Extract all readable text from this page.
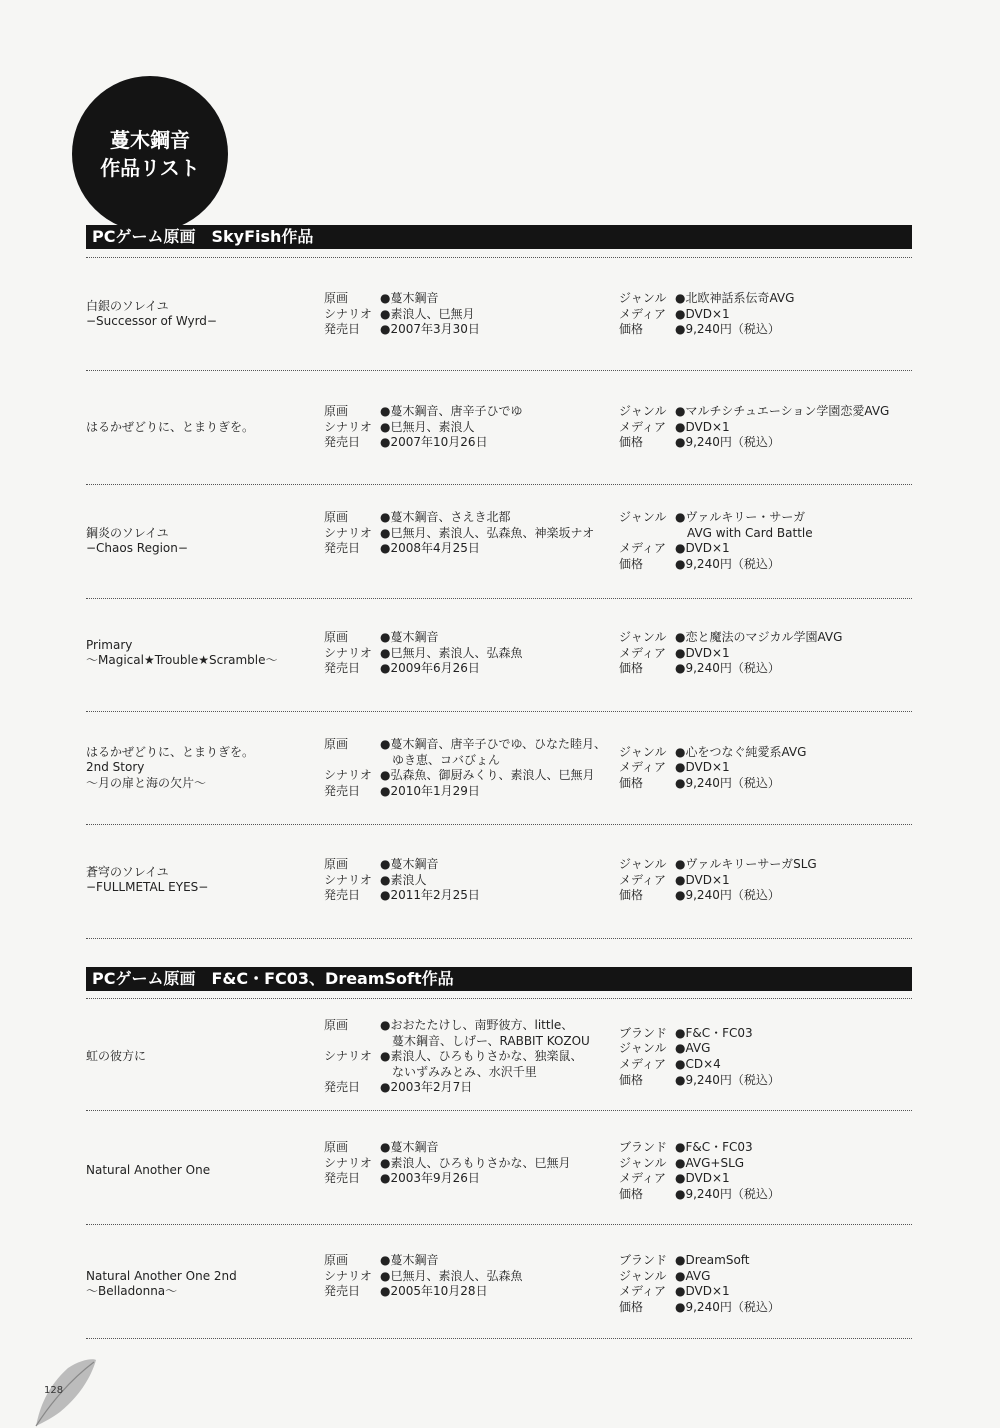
蔓木鋼音
作品リスト
PCゲーム原画　SkyFish作品
白銀のソレイユ
−Successor of Wyrd−
原画	● 蔓木鋼音
シナリオ	● 素浪人、巳無月
発売日	● 2007年3月30日
ジャンル	● 北欧神話系伝奇AVG
メディア	● DVD×1
価格	● 9,240円（税込）
はるかぜどりに、とまりぎを。
原画	● 蔓木鋼音、唐辛子ひでゆ
シナリオ	● 巳無月、素浪人
発売日	● 2007年10月26日
ジャンル	● マルチシチュエーション学園恋愛AVG
メディア	● DVD×1
価格	● 9,240円（税込）
鋼炎のソレイユ
−Chaos Region−
原画	● 蔓木鋼音、さえき北都
シナリオ	● 巳無月、素浪人、弘森魚、神楽坂ナオ
発売日	● 2008年4月25日
ジャンル	● ヴァルキリー・サーガ
AVG with Card Battle
メディア	● DVD×1
価格	● 9,240円（税込）
Primary
〜Magical★Trouble★Scramble〜
原画	● 蔓木鋼音
シナリオ	● 巳無月、素浪人、弘森魚
発売日	● 2009年6月26日
ジャンル	● 恋と魔法のマジカル学園AVG
メディア	● DVD×1
価格	● 9,240円（税込）
はるかぜどりに、とまりぎを。
2nd Story
〜月の扉と海の欠片〜
原画	● 蔓木鋼音、唐辛子ひでゆ、ひなた睦月、
ゆき恵、コバびょん
シナリオ	● 弘森魚、御厨みくり、素浪人、巳無月
発売日	● 2010年1月29日
ジャンル	● 心をつなぐ純愛系AVG
メディア	● DVD×1
価格	● 9,240円（税込）
蒼穹のソレイユ
−FULLMETAL EYES−
原画	● 蔓木鋼音
シナリオ	● 素浪人
発売日	● 2011年2月25日
ジャンル	● ヴァルキリーサーガSLG
メディア	● DVD×1
価格	● 9,240円（税込）
PCゲーム原画　F&C・FC03、DreamSoft作品
虹の彼方に
原画	● おおたたけし、南野彼方、little、
蔓木鋼音、しげー、RABBIT KOZOU
シナリオ	● 素浪人、ひろもりさかな、独楽鼠、
ないずみみとみ、水沢千里
発売日	● 2003年2月7日
ブランド	● F&C・FC03
ジャンル	● AVG
メディア	● CD×4
価格	● 9,240円（税込）
Natural Another One
原画	● 蔓木鋼音
シナリオ	● 素浪人、ひろもりさかな、巳無月
発売日	● 2003年9月26日
ブランド	● F&C・FC03
ジャンル	● AVG+SLG
メディア	● DVD×1
価格	● 9,240円（税込）
Natural Another One 2nd
〜Belladonna〜
原画	● 蔓木鋼音
シナリオ	● 巳無月、素浪人、弘森魚
発売日	● 2005年10月28日
ブランド	● DreamSoft
ジャンル	● AVG
メディア	● DVD×1
価格	● 9,240円（税込）
128
